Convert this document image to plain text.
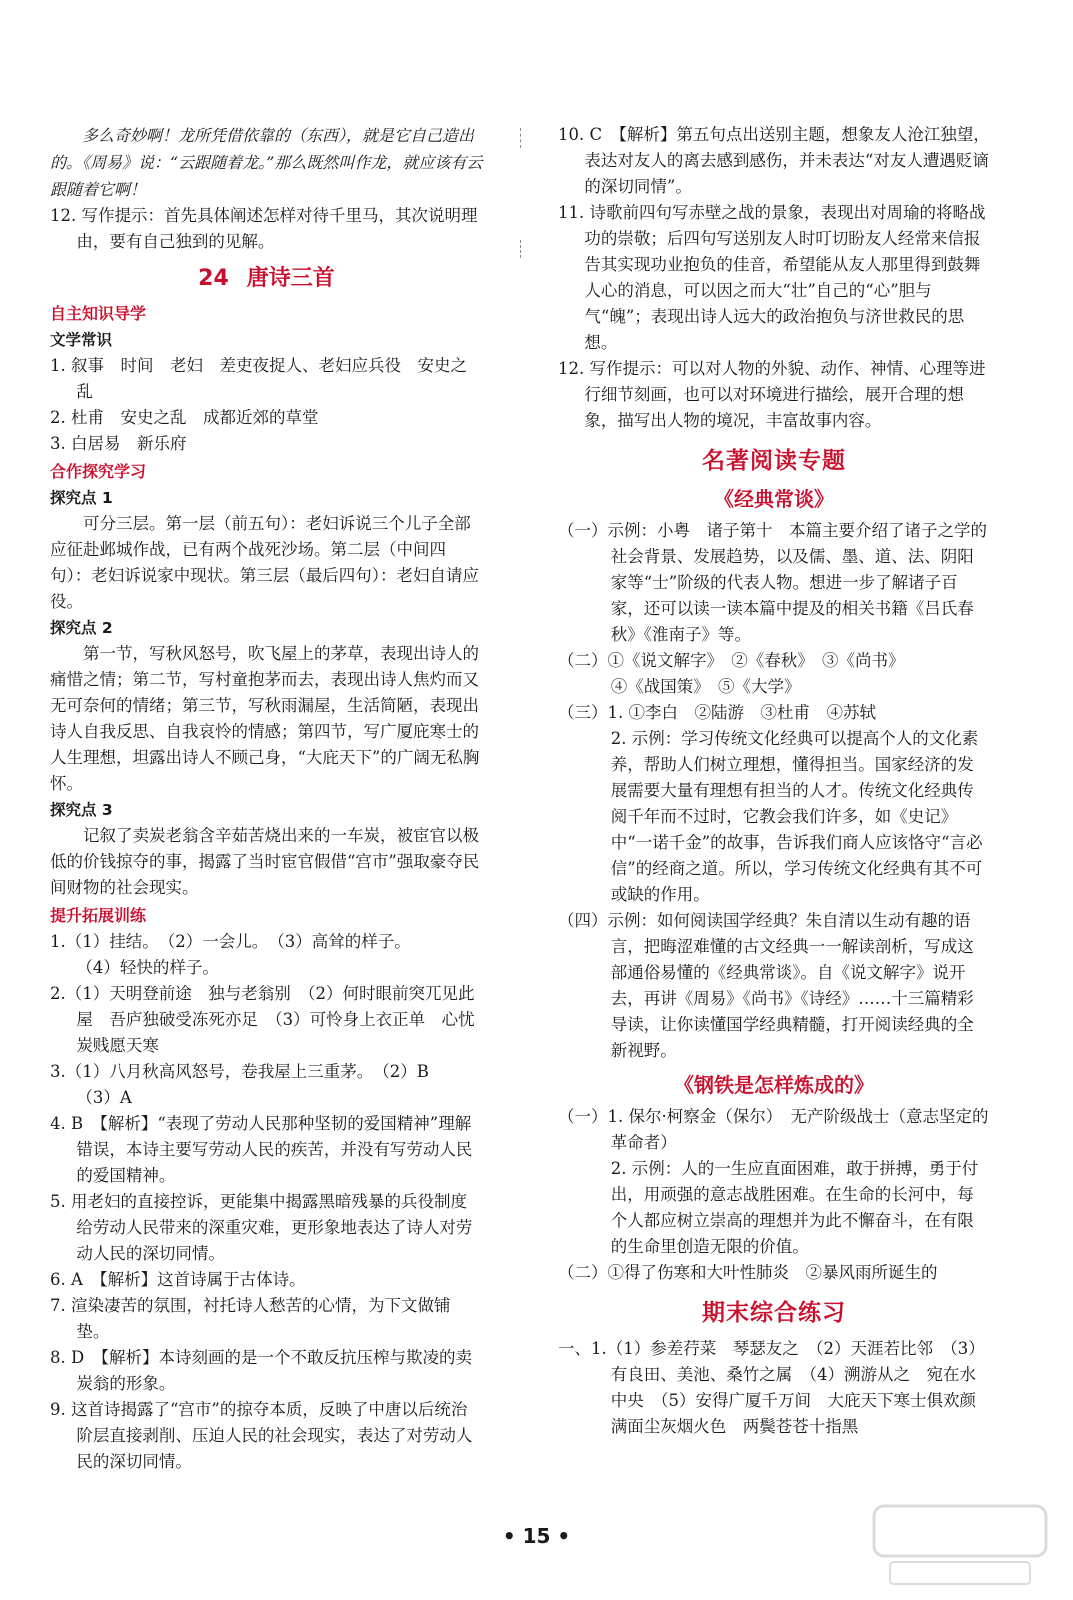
多么奇妙啊！龙所凭借依靠的（东西），就是它自己造出的。《周易》说：“云跟随着龙。”那么既然叫作龙，就应该有云跟随着它啊！

12. 写作提示：首先具体阐述怎样对待千里马，其次说明理由，要有自己独到的见解。

24 唐诗三首

自主知识导学

文学常识

1. 叙事　时间　老妇　差吏夜捉人、老妇应兵役　安史之乱

2. 杜甫　安史之乱　成都近郊的草堂

3. 白居易　新乐府

合作探究学习

探究点 1

可分三层。第一层（前五句）：老妇诉说三个儿子全部应征赴邺城作战，已有两个战死沙场。第二层（中间四句）：老妇诉说家中现状。第三层（最后四句）：老妇自请应役。

探究点 2

第一节，写秋风怒号，吹飞屋上的茅草，表现出诗人的痛惜之情；第二节，写村童抱茅而去，表现出诗人焦灼而又无可奈何的情绪；第三节，写秋雨漏屋，生活简陋，表现出诗人自我反思、自我哀怜的情感；第四节，写广厦庇寒士的人生理想，坦露出诗人不顾己身，“大庇天下”的广阔无私胸怀。

探究点 3

记叙了卖炭老翁含辛茹苦烧出来的一车炭，被宦官以极低的价钱掠夺的事，揭露了当时宦官假借“宫市”强取豪夺民间财物的社会现实。

提升拓展训练

1.（1）挂结。　（2）一会儿。　（3）高耸的样子。

（4）轻快的样子。

2.（1）天明登前途　独与老翁别　（2）何时眼前突兀见此屋　吾庐独破受冻死亦足　（3）可怜身上衣正单　心忧炭贱愿天寒

3.（1）八月秋高风怒号，卷我屋上三重茅。　（2）B

（3）A

4. B　【解析】“表现了劳动人民那种坚韧的爱国精神”理解错误，本诗主要写劳动人民的疾苦，并没有写劳动人民的爱国精神。

5. 用老妇的直接控诉，更能集中揭露黑暗残暴的兵役制度给劳动人民带来的深重灾难，更形象地表达了诗人对劳动人民的深切同情。

6. A　【解析】这首诗属于古体诗。

7. 渲染凄苦的氛围，衬托诗人愁苦的心情，为下文做铺垫。

8. D　【解析】本诗刻画的是一个不敢反抗压榨与欺凌的卖炭翁的形象。

9. 这首诗揭露了“宫市”的掠夺本质，反映了中唐以后统治阶层直接剥削、压迫人民的社会现实，表达了对劳动人民的深切同情。

10. C　【解析】第五句点出送别主题，想象友人沧江独望，表达对友人的离去感到感伤，并未表达“对友人遭遇贬谪的深切同情”。

11. 诗歌前四句写赤壁之战的景象，表现出对周瑜的将略战功的崇敬；后四句写送别友人时叮切盼友人经常来信报告其实现功业抱负的佳音，希望能从友人那里得到鼓舞人心的消息，可以因之而大“壮”自己的“心”胆与气“魄”；表现出诗人远大的政治抱负与济世救民的思想。

12. 写作提示：可以对人物的外貌、动作、神情、心理等进行细节刻画，也可以对环境进行描绘，展开合理的想象，描写出人物的境况，丰富故事内容。

名著阅读专题
《经典常谈》

（一）示例：小粤　诸子第十　本篇主要介绍了诸子之学的社会背景、发展趋势，以及儒、墨、道、法、阴阳家等“士”阶级的代表人物。想进一步了解诸子百家，还可以读一读本篇中提及的相关书籍《吕氏春秋》《淮南子》等。

（二）①《说文解字》　②《春秋》　③《尚书》

④《战国策》　⑤《大学》

（三）1. ①李白　②陆游　③杜甫　④苏轼

2. 示例：学习传统文化经典可以提高个人的文化素养，帮助人们树立理想，懂得担当。国家经济的发展需要大量有理想有担当的人才。传统文化经典传阅千年而不过时，它教会我们许多，如《史记》中“一诺千金”的故事，告诉我们商人应该恪守“言必信”的经商之道。所以，学习传统文化经典有其不可或缺的作用。

（四）示例：如何阅读国学经典？朱自清以生动有趣的语言，把晦涩难懂的古文经典一一解读剖析，写成这部通俗易懂的《经典常谈》。自《说文解字》说开去，再讲《周易》《尚书》《诗经》……十三篇精彩导读，让你读懂国学经典精髓，打开阅读经典的全新视野。

《钢铁是怎样炼成的》

（一）1. 保尔·柯察金（保尔）　无产阶级战士（意志坚定的革命者）

2. 示例：人的一生应直面困难，敢于拼搏，勇于付出，用顽强的意志战胜困难。在生命的长河中，每个人都应树立崇高的理想并为此不懈奋斗，在有限的生命里创造无限的价值。

（二）①得了伤寒和大叶性肺炎　②暴风雨所诞生的

期末综合练习

一、1.（1）参差荇菜　琴瑟友之　（2）天涯若比邻　（3）有良田、美池、桑竹之属　（4）溯游从之　宛在水中央　（5）安得广厦千万间　大庇天下寒士俱欢颜　满面尘灰烟火色　两鬓苍苍十指黑

• 15 •
